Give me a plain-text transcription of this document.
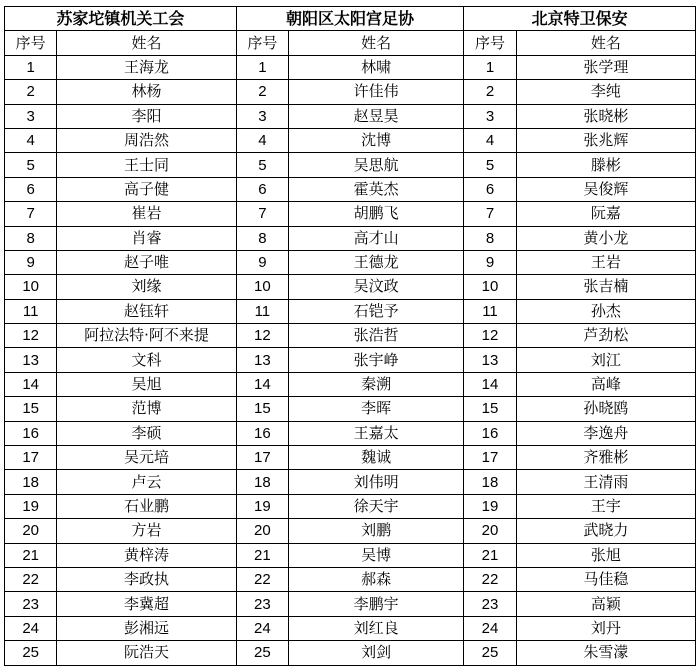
苏家坨镇机关工会		朝阳区太阳宫足协		北京特卫保安	
序号	姓名	序号	姓名	序号	姓名
1	王海龙	1	林啸	1	张学理
2	林杨	2	许佳伟	2	李纯
3	李阳	3	赵昱昊	3	张晓彬
4	周浩然	4	沈博	4	张兆辉
5	王士同	5	吴思航	5	滕彬
6	高子健	6	霍英杰	6	吴俊辉
7	崔岩	7	胡鹏飞	7	阮嘉
8	肖睿	8	高才山	8	黄小龙
9	赵子唯	9	王德龙	9	王岩
10	刘缘	10	吴汶政	10	张吉楠
11	赵钰轩	11	石铠予	11	孙杰
12	阿拉法特·阿不来提	12	张浩哲	12	芦劲松
13	文科	13	张宇峥	13	刘江
14	吴旭	14	秦溯	14	高峰
15	范博	15	李晖	15	孙晓鸥
16	李硕	16	王嘉太	16	李逸舟
17	吴元培	17	魏诚	17	齐雅彬
18	卢云	18	刘伟明	18	王清雨
19	石业鹏	19	徐天宇	19	王宇
20	方岩	20	刘鹏	20	武晓力
21	黄梓涛	21	吴博	21	张旭
22	李政执	22	郝森	22	马佳稳
23	李冀超	23	李鹏宇	23	高颖
24	彭湘远	24	刘红良	24	刘丹
25	阮浩天	25	刘剑	25	朱雪濛
